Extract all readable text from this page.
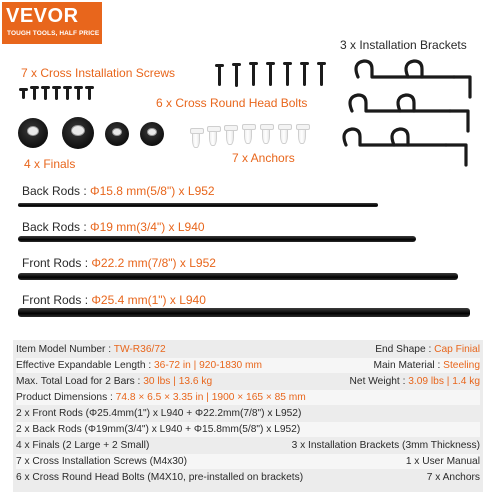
VEVOR
TOUGH TOOLS, HALF PRICE
3 x Installation Brackets
7 x Cross Installation Screws
6 x Cross Round Head Bolts
4 x Finals	7 x Anchors
Back Rods : Φ15.8 mm(5/8") x L952
Back Rods : Φ19 mm(3/4") x L940
Front Rods : Φ22.2 mm(7/8") x L952
Front Rods : Φ25.4 mm(1") x L940
Item Model Number : TW-R36/72	End Shape : Cap Finial
Effective Expandable Length : 36-72 in | 920-1830 mm	Main Material : Steeling
Max. Total Load for 2 Bars : 30 lbs | 13.6 kg	Net Weight : 3.09 lbs | 1.4 kg
Product Dimensions : 74.8 × 6.5 × 3.35 in | 1900 × 165 × 85 mm
2 x Front Rods (Φ25.4mm(1") x L940 + Φ22.2mm(7/8") x L952)
2 x Back Rods (Φ19mm(3/4") x L940 + Φ15.8mm(5/8") x L952)
4 x Finals (2 Large + 2 Small)	3 x Installation Brackets (3mm Thickness)
7 x Cross Installation Screws (M4x30)	1 x User Manual
6 x Cross Round Head Bolts (M4X10, pre-installed on brackets)	7 x Anchors
